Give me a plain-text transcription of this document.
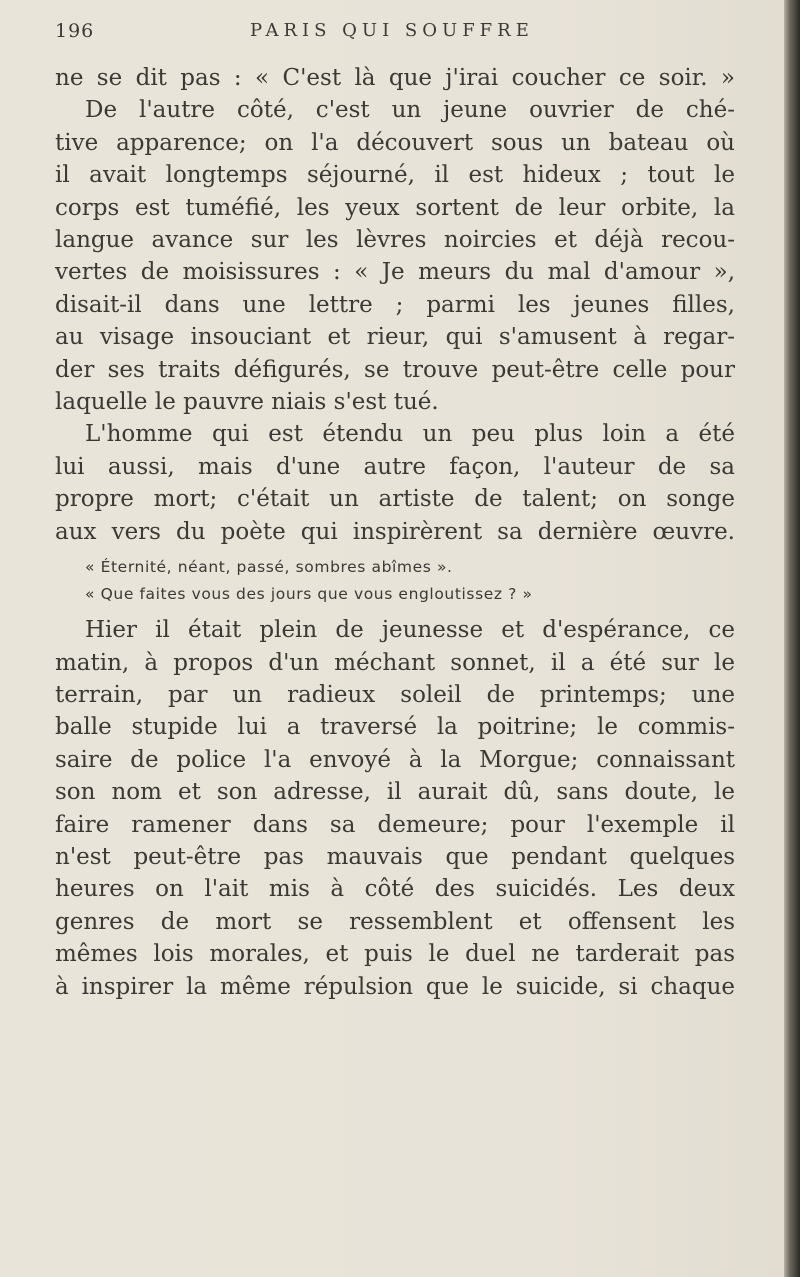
196	PARIS QUI SOUFFRE
ne se dit pas : « C'est là que j'irai coucher ce soir. »
De l'autre côté, c'est un jeune ouvrier de ché-
tive apparence; on l'a découvert sous un bateau où
il avait longtemps séjourné, il est hideux ; tout le
corps est tuméfié, les yeux sortent de leur orbite, la
langue avance sur les lèvres noircies et déjà recou-
vertes de moisissures : « Je meurs du mal d'amour »,
disait-il dans une lettre ; parmi les jeunes filles,
au visage insouciant et rieur, qui s'amusent à regar-
der ses traits défigurés, se trouve peut-être celle pour
laquelle le pauvre niais s'est tué.
L'homme qui est étendu un peu plus loin a été
lui aussi, mais d'une autre façon, l'auteur de sa
propre mort; c'était un artiste de talent; on songe
aux vers du poète qui inspirèrent sa dernière œuvre.
« Éternité, néant, passé, sombres abîmes ».
« Que faites vous des jours que vous engloutissez ? »
Hier il était plein de jeunesse et d'espérance, ce
matin, à propos d'un méchant sonnet, il a été sur le
terrain, par un radieux soleil de printemps; une
balle stupide lui a traversé la poitrine; le commis-
saire de police l'a envoyé à la Morgue; connaissant
son nom et son adresse, il aurait dû, sans doute, le
faire ramener dans sa demeure; pour l'exemple il
n'est peut-être pas mauvais que pendant quelques
heures on l'ait mis à côté des suicidés. Les deux
genres de mort se ressemblent et offensent les
mêmes lois morales, et puis le duel ne tarderait pas
à inspirer la même répulsion que le suicide, si chaque
